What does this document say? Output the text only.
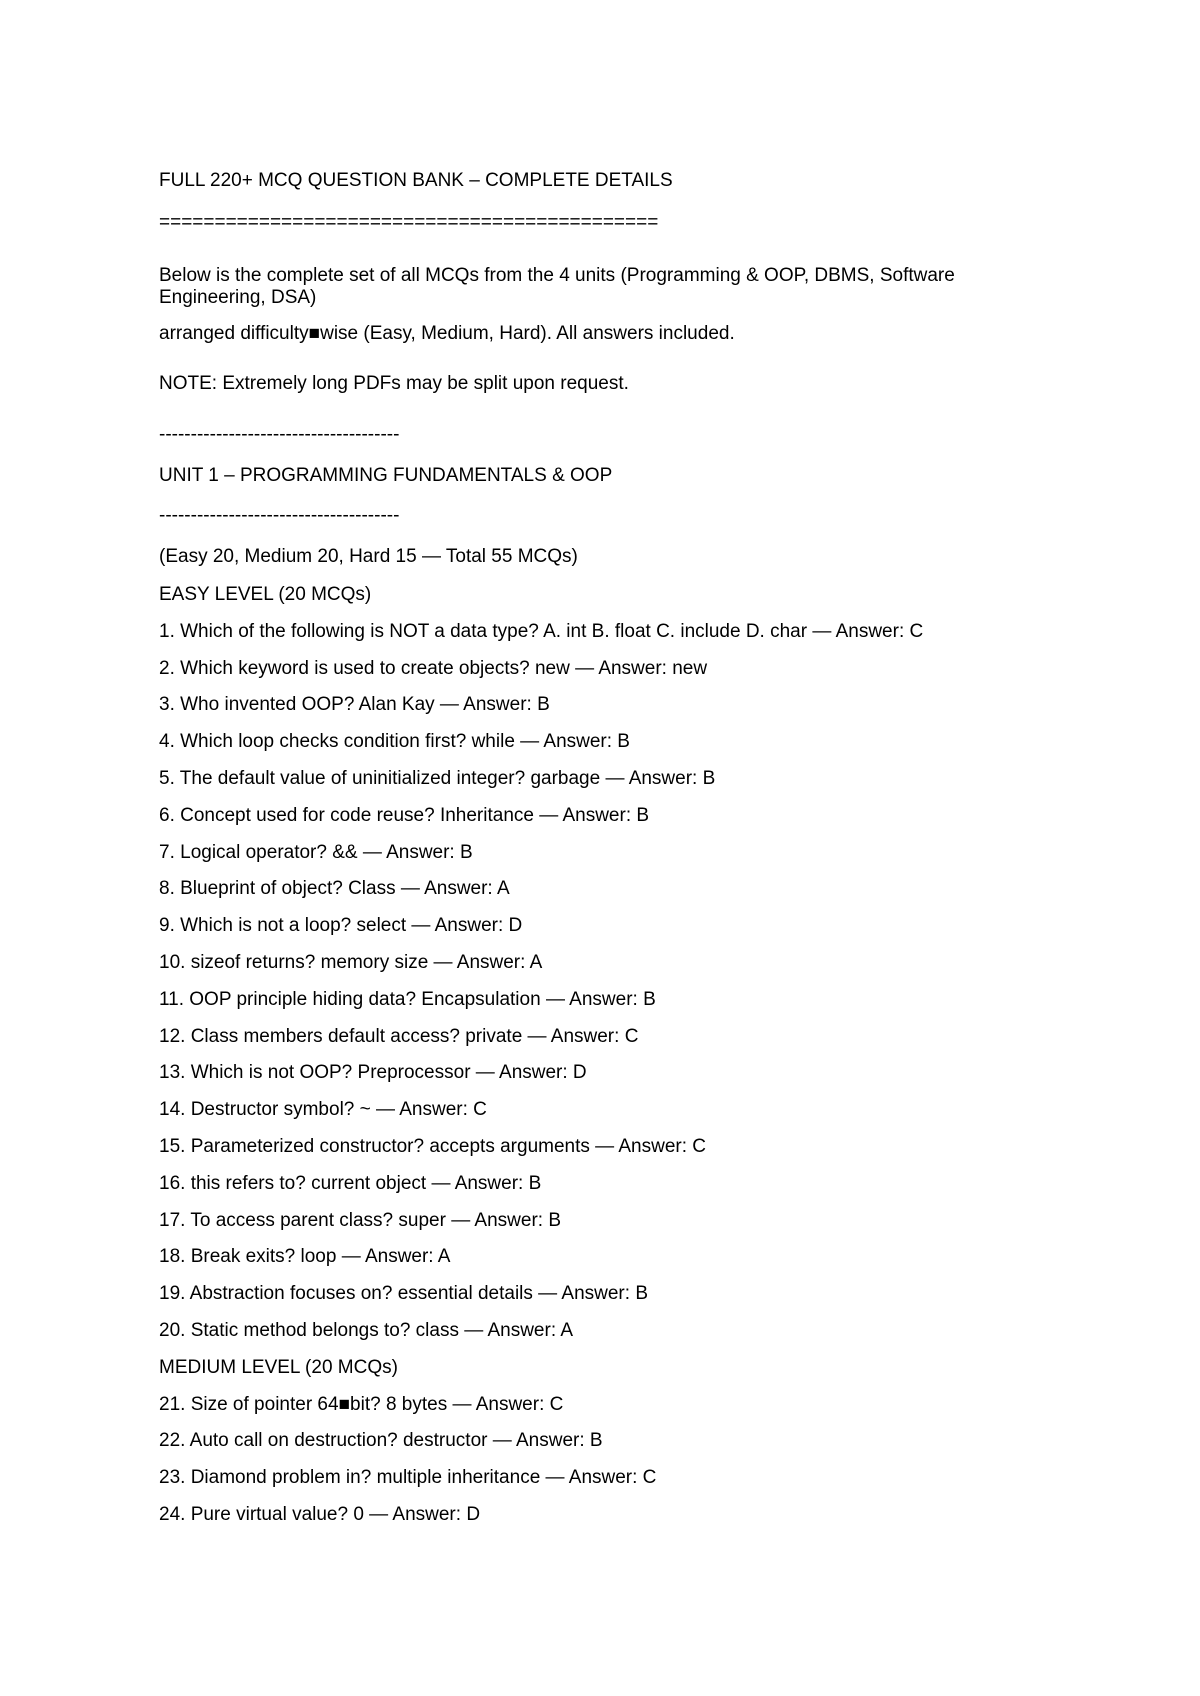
FULL 220+ MCQ QUESTION BANK – COMPLETE DETAILS

=============================================

Below is the complete set of all MCQs from the 4 units (Programming & OOP, DBMS, Software Engineering, DSA)

arranged difficulty■wise (Easy, Medium, Hard). All answers included.

NOTE: Extremely long PDFs may be split upon request.

--------------------------------------

UNIT 1 – PROGRAMMING FUNDAMENTALS & OOP

--------------------------------------

(Easy 20, Medium 20, Hard 15 — Total 55 MCQs)

EASY LEVEL (20 MCQs)

1. Which of the following is NOT a data type? A. int B. float C. include D. char — Answer: C

2. Which keyword is used to create objects? new — Answer: new

3. Who invented OOP? Alan Kay — Answer: B

4. Which loop checks condition first? while — Answer: B

5. The default value of uninitialized integer? garbage — Answer: B

6. Concept used for code reuse? Inheritance — Answer: B

7. Logical operator? && — Answer: B

8. Blueprint of object? Class — Answer: A

9. Which is not a loop? select — Answer: D

10. sizeof returns? memory size — Answer: A

11. OOP principle hiding data? Encapsulation — Answer: B

12. Class members default access? private — Answer: C

13. Which is not OOP? Preprocessor — Answer: D

14. Destructor symbol? ~ — Answer: C

15. Parameterized constructor? accepts arguments — Answer: C

16. this refers to? current object — Answer: B

17. To access parent class? super — Answer: B

18. Break exits? loop — Answer: A

19. Abstraction focuses on? essential details — Answer: B

20. Static method belongs to? class — Answer: A

MEDIUM LEVEL (20 MCQs)

21. Size of pointer 64■bit? 8 bytes — Answer: C

22. Auto call on destruction? destructor — Answer: B

23. Diamond problem in? multiple inheritance — Answer: C

24. Pure virtual value? 0 — Answer: D
